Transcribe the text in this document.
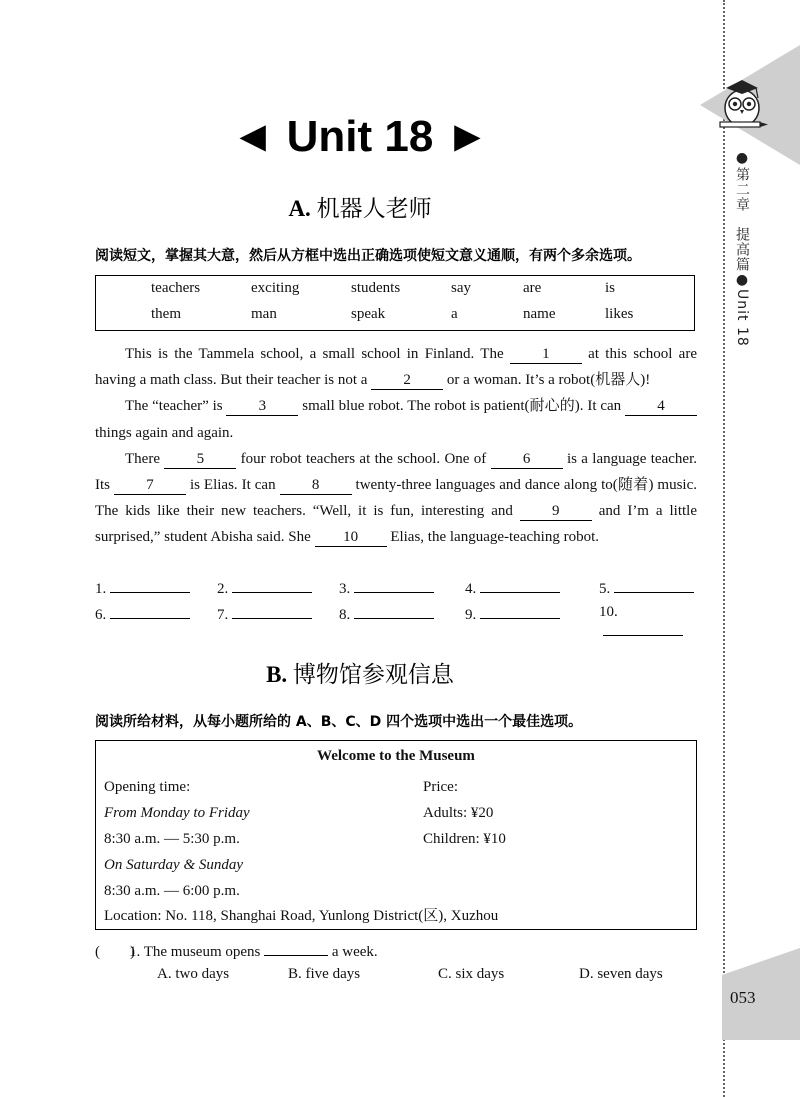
●第二章　提高篇●Unit 18
053
◄ Unit 18 ►
A. 机器人老师
阅读短文，掌握其大意，然后从方框中选出正确选项使短文意义通顺，有两个多余选项。
teachers	exciting	students	say	are	is
them	man	speak	a	name	likes

This is the Tammela school, a small school in Finland. The 1 at this school are having a math class. But their teacher is not a 2 or a woman. It’s a robot(机器人)!

The “teacher” is 3 small blue robot. The robot is patient(耐心的). It can 4 things again and again.

There 5 four robot teachers at the school. One of 6 is a language teacher. Its 7 is Elias. It can 8 twenty-three languages and dance along to(随着) music. The kids like their new teachers. “Well, it is fun, interesting and 9 and I’m a little surprised,” student Abisha said. She 10 Elias, the language-teaching robot.

1.	2.	3.	4.	5.
6.	7.	8.	9.	10.
B. 博物馆参观信息
阅读所给材料，从每小题所给的 A、B、C、D 四个选项中选出一个最佳选项。
Welcome to the Museum
Opening time:
From Monday to Friday
8:30 a.m. — 5:30 p.m.
On Saturday & Sunday
8:30 a.m. — 6:00 p.m.
Price:
Adults: ¥20
Children: ¥10
Location: No. 118, Shanghai Road, Yunlong District(区), Xuzhou
(　　)1. The museum opens	a week.
A. two days	B. five days	C. six days	D. seven days
